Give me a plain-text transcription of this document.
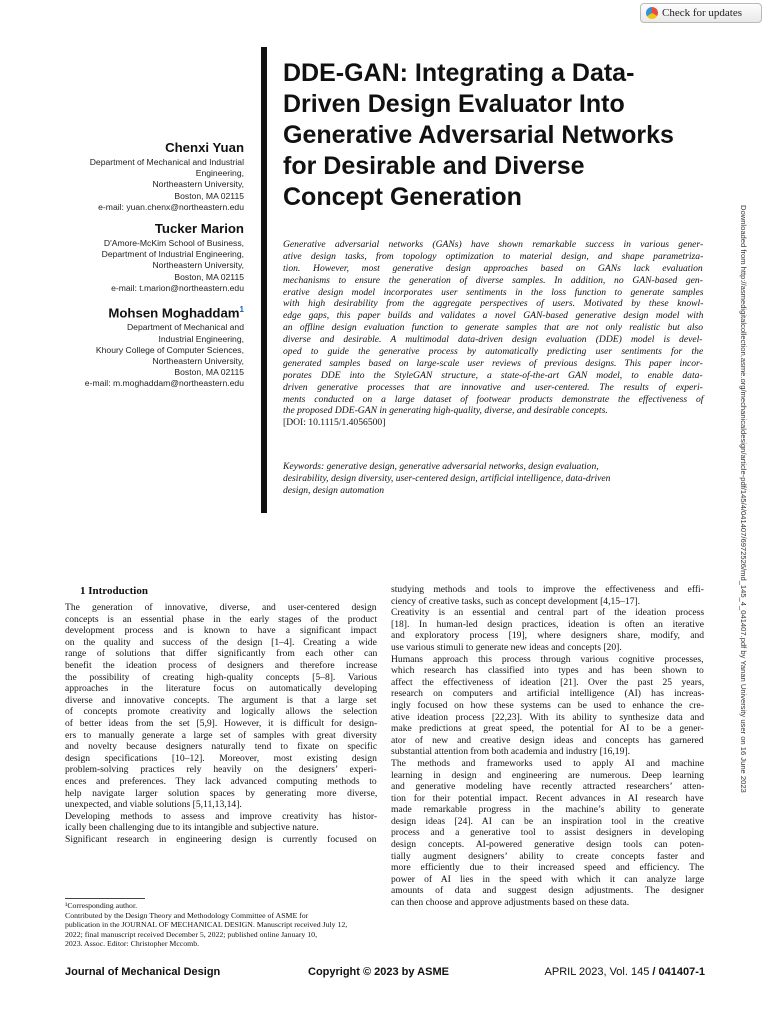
Check for updates
Chenxi Yuan
Department of Mechanical and Industrial
Engineering,
Northeastern University,
Boston, MA 02115
e-mail: yuan.chenx@northeastern.edu
Tucker Marion
D'Amore-McKim School of Business,
Department of Industrial Engineering,
Northeastern University,
Boston, MA 02115
e-mail: t.marion@northeastern.edu
Mohsen Moghaddam$^1$
Department of Mechanical and
Industrial Engineering,
Khoury College of Computer Sciences,
Northeastern University,
Boston, MA 02115
e-mail: m.moghaddam@northeastern.edu
DDE-GAN: Integrating a Data-
Driven Design Evaluator Into
Generative Adversarial Networks
for Desirable and Diverse
Concept Generation
Generative adversarial networks (GANs) have shown remarkable success in various gener-
ative design tasks, from topology optimization to material design, and shape parametriza-
tion. However, most generative design approaches based on GANs lack evaluation
mechanisms to ensure the generation of diverse samples. In addition, no GAN-based gen-
erative design model incorporates user sentiments in the loss function to generate samples
with high desirability from the aggregate perspectives of users. Motivated by these knowl-
edge gaps, this paper builds and validates a novel GAN-based generative design model with
an offline design evaluation function to generate samples that are not only realistic but also
diverse and desirable. A multimodal data-driven design evaluation (DDE) model is devel-
oped to guide the generative process by automatically predicting user sentiments for the
generated samples based on large-scale user reviews of previous designs. This paper incor-
porates DDE into the StyleGAN structure, a state-of-the-art GAN model, to enable data-
driven generative processes that are innovative and user-centered. The results of experi-
ments conducted on a large dataset of footwear products demonstrate the effectiveness of
the proposed DDE-GAN in generating high-quality, diverse, and desirable concepts.
[DOI: 10.1115/1.4056500]
Keywords: generative design, generative adversarial networks, design evaluation,
desirability, design diversity, user-centered design, artificial intelligence, data-driven
design, design automation	Downloaded from http://asmedigitalcollection.asme.org/mechanicaldesign/article-pdf/145/4/041407/6972526/md_145_4_041407.pdf by Yanan University user on 16 June 2023
1 Introduction
The generation of innovative, diverse, and user-centered design
concepts is an essential phase in the early stages of the product
development process and is known to have a significant impact
on the quality and success of the design [1–4]. Creating a wide
range of solutions that differ significantly from each other can
benefit the ideation process of designers and therefore increase
the possibility of creating high-quality concepts [5–8]. Various
approaches in the literature focus on automatically developing
diverse and innovative concepts. The argument is that a large set
of concepts promote creativity and logically allows the selection
of better ideas from the set [5,9]. However, it is difficult for design-
ers to manually generate a large set of samples with great diversity
and novelty because designers naturally tend to fixate on specific
design specifications [10–12]. Moreover, most existing design
problem-solving practices rely heavily on the designers’ experi-
ences and preferences. They lack advanced computing methods to
help navigate larger solution spaces by generating more diverse,
unexpected, and viable solutions [5,11,13,14].
Developing methods to assess and improve creativity has histor-
ically been challenging due to its intangible and subjective nature.
Significant research in engineering design is currently focused on
studying methods and tools to improve the effectiveness and effi-
ciency of creative tasks, such as concept development [4,15–17].
Creativity is an essential and central part of the ideation process
[18]. In human-led design practices, ideation is often an iterative
and exploratory process [19], where designers share, modify, and
use various stimuli to generate new ideas and concepts [20].
Humans approach this process through various cognitive processes,
which research has classified into types and has been shown to
affect the effectiveness of ideation [21]. Over the past 25 years,
research on computers and artificial intelligence (AI) has increas-
ingly focused on how these systems can be used to enhance the cre-
ative ideation process [22,23]. With its ability to synthesize data and
make predictions at great speed, the potential for AI to be a gener-
ator of new and creative design ideas and concepts has garnered
substantial attention from both academia and industry [16,19].
The methods and frameworks used to apply AI and machine
learning in design and engineering are numerous. Deep learning
and generative modeling have recently attracted researchers’ atten-
tion for their potential impact. Recent advances in AI research have
made remarkable progress in the machine’s ability to generate
design ideas [24]. AI can be an inspiration tool in the creative
process and a generative tool to assist designers in developing
design concepts. AI-powered generative design tools can poten-
tially augment designers’ ability to create concepts faster and
more efficiently due to their increased speed and efficiency. The
power of AI lies in the speed with which it can analyze large
amounts of data and suggest design adjustments. The designer
can then choose and approve adjustments based on these data.
¹Corresponding author.
Contributed by the Design Theory and Methodology Committee of ASME for
publication in the JOURNAL OF MECHANICAL DESIGN. Manuscript received July 12,
2022; final manuscript received December 5, 2022; published online January 10,
2023. Assoc. Editor: Christopher Mccomb.
Journal of Mechanical Design	Copyright © 2023 by ASME	APRIL 2023, Vol. 145 / 041407-1
